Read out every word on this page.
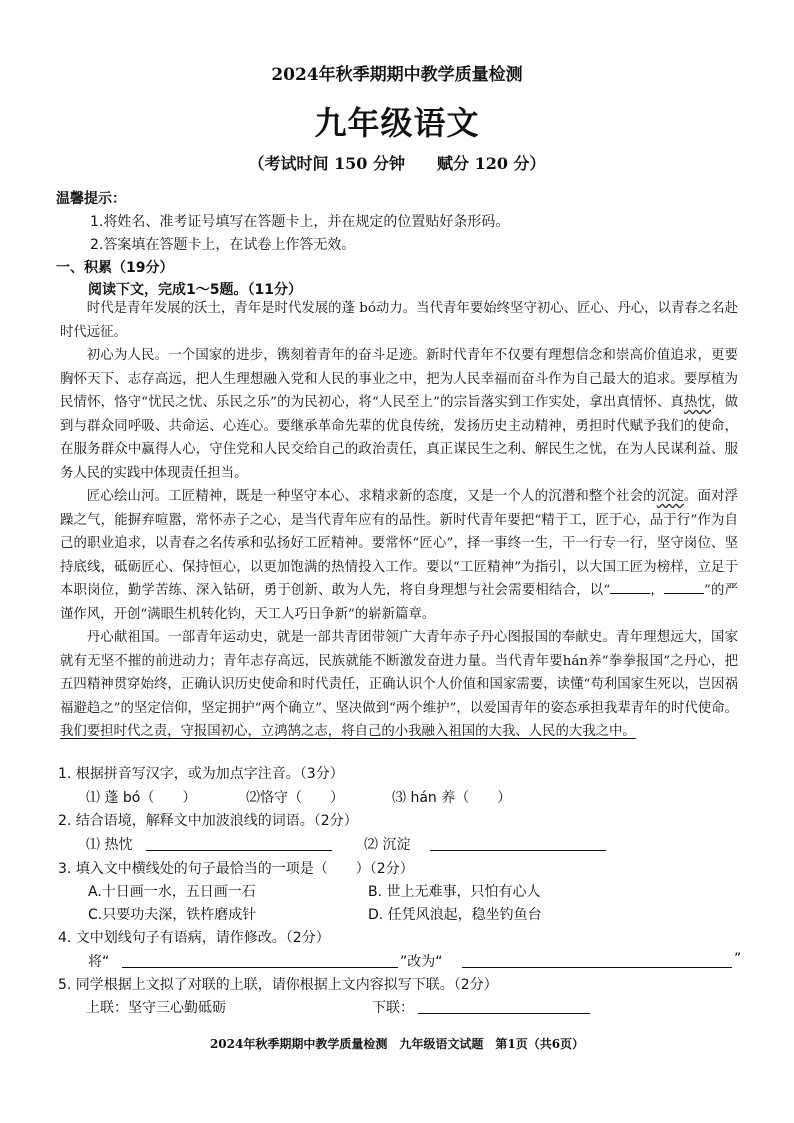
2024年秋季期期中教学质量检测
九年级语文
（考试时间 150 分钟　　赋分 120 分）
温馨提示：
1.将姓名、准考证号填写在答题卡上，并在规定的位置贴好条形码。
2.答案填在答题卡上，在试卷上作答无效。
一、积累（19分）
阅读下文，完成1～5题。（11分）

时代是青年发展的沃土，青年是时代发展的蓬 bó动力。当代青年要始终坚守初心、匠心、丹心，以青春之名赴时代远征。

初心为人民。一个国家的进步，镌刻着青年的奋斗足迹。新时代青年不仅要有理想信念和崇高价值追求，更要胸怀天下、志存高远，把人生理想融入党和人民的事业之中，把为人民幸福而奋斗作为自己最大的追求。要厚植为民情怀，恪守“忧民之忧、乐民之乐”的为民初心，将“人民至上”的宗旨落实到工作实处，拿出真情怀、真热忱，做到与群众同呼吸、共命运、心连心。要继承革命先辈的优良传统，发扬历史主动精神，勇担时代赋予我们的使命，在服务群众中赢得人心，守住党和人民交给自己的政治责任，真正谋民生之利、解民生之忧，在为人民谋利益、服务人民的实践中体现责任担当。

匠心绘山河。工匠精神，既是一种坚守本心、求精求新的态度，又是一个人的沉潜和整个社会的沉淀。面对浮躁之气，能摒弃喧嚣，常怀赤子之心，是当代青年应有的品性。新时代青年要把“精于工，匠于心，品于行”作为自己的职业追求，以青春之名传承和弘扬好工匠精神。要常怀“匠心”，择一事终一生，干一行专一行，坚守岗位、坚持底线，砥砺匠心、保持恒心，以更加饱满的热情投入工作。要以“工匠精神”为指引，以大国工匠为榜样，立足于本职岗位，勤学苦练、深入钻研，勇于创新、敢为人先，将自身理想与社会需要相结合，以“	，	”的严谨作风，开创“满眼生机转化钧，天工人巧日争新”的崭新篇章。

丹心献祖国。一部青年运动史，就是一部共青团带领广大青年赤子丹心图报国的奉献史。青年理想远大，国家就有无坚不摧的前进动力；青年志存高远，民族就能不断激发奋进力量。当代青年要hán养“拳拳报国”之丹心，把五四精神贯穿始终，正确认识历史使命和时代责任，正确认识个人价值和国家需要，读懂“苟利国家生死以，岂因祸福避趋之”的坚定信仰，坚定拥护“两个确立”、坚决做到“两个维护”，以爱国青年的姿态承担我辈青年的时代使命。我们要担时代之责，守报国初心，立鸿鹄之志，将自己的小我融入祖国的大我、人民的大我之中。

1. 根据拼音写汉字，或为加点字注音。（3分）
⑴ 蓬 bó（　　）	⑵恪守（　　）	⑶ hán 养（　　）
2. 结合语境，解释文中加波浪线的词语。（2分）
⑴ 热忱	⑵ 沉淀
3. 填入文中横线处的句子最恰当的一项是（　　）（2分）
A.十日画一水，五日画一石	B. 世上无难事，只怕有心人
C.只要功夫深，铁杵磨成针	D. 任凭风浪起，稳坐钓鱼台
4. 文中划线句子有语病，请作修改。（2分）
将“	”改为“	”
5. 同学根据上文拟了对联的上联，请你根据上文内容拟写下联。（2分）
上联：坚守三心勤砥砺	下联：
2024年秋季期期中教学质量检测　九年级语文试题　第1页（共6页）
